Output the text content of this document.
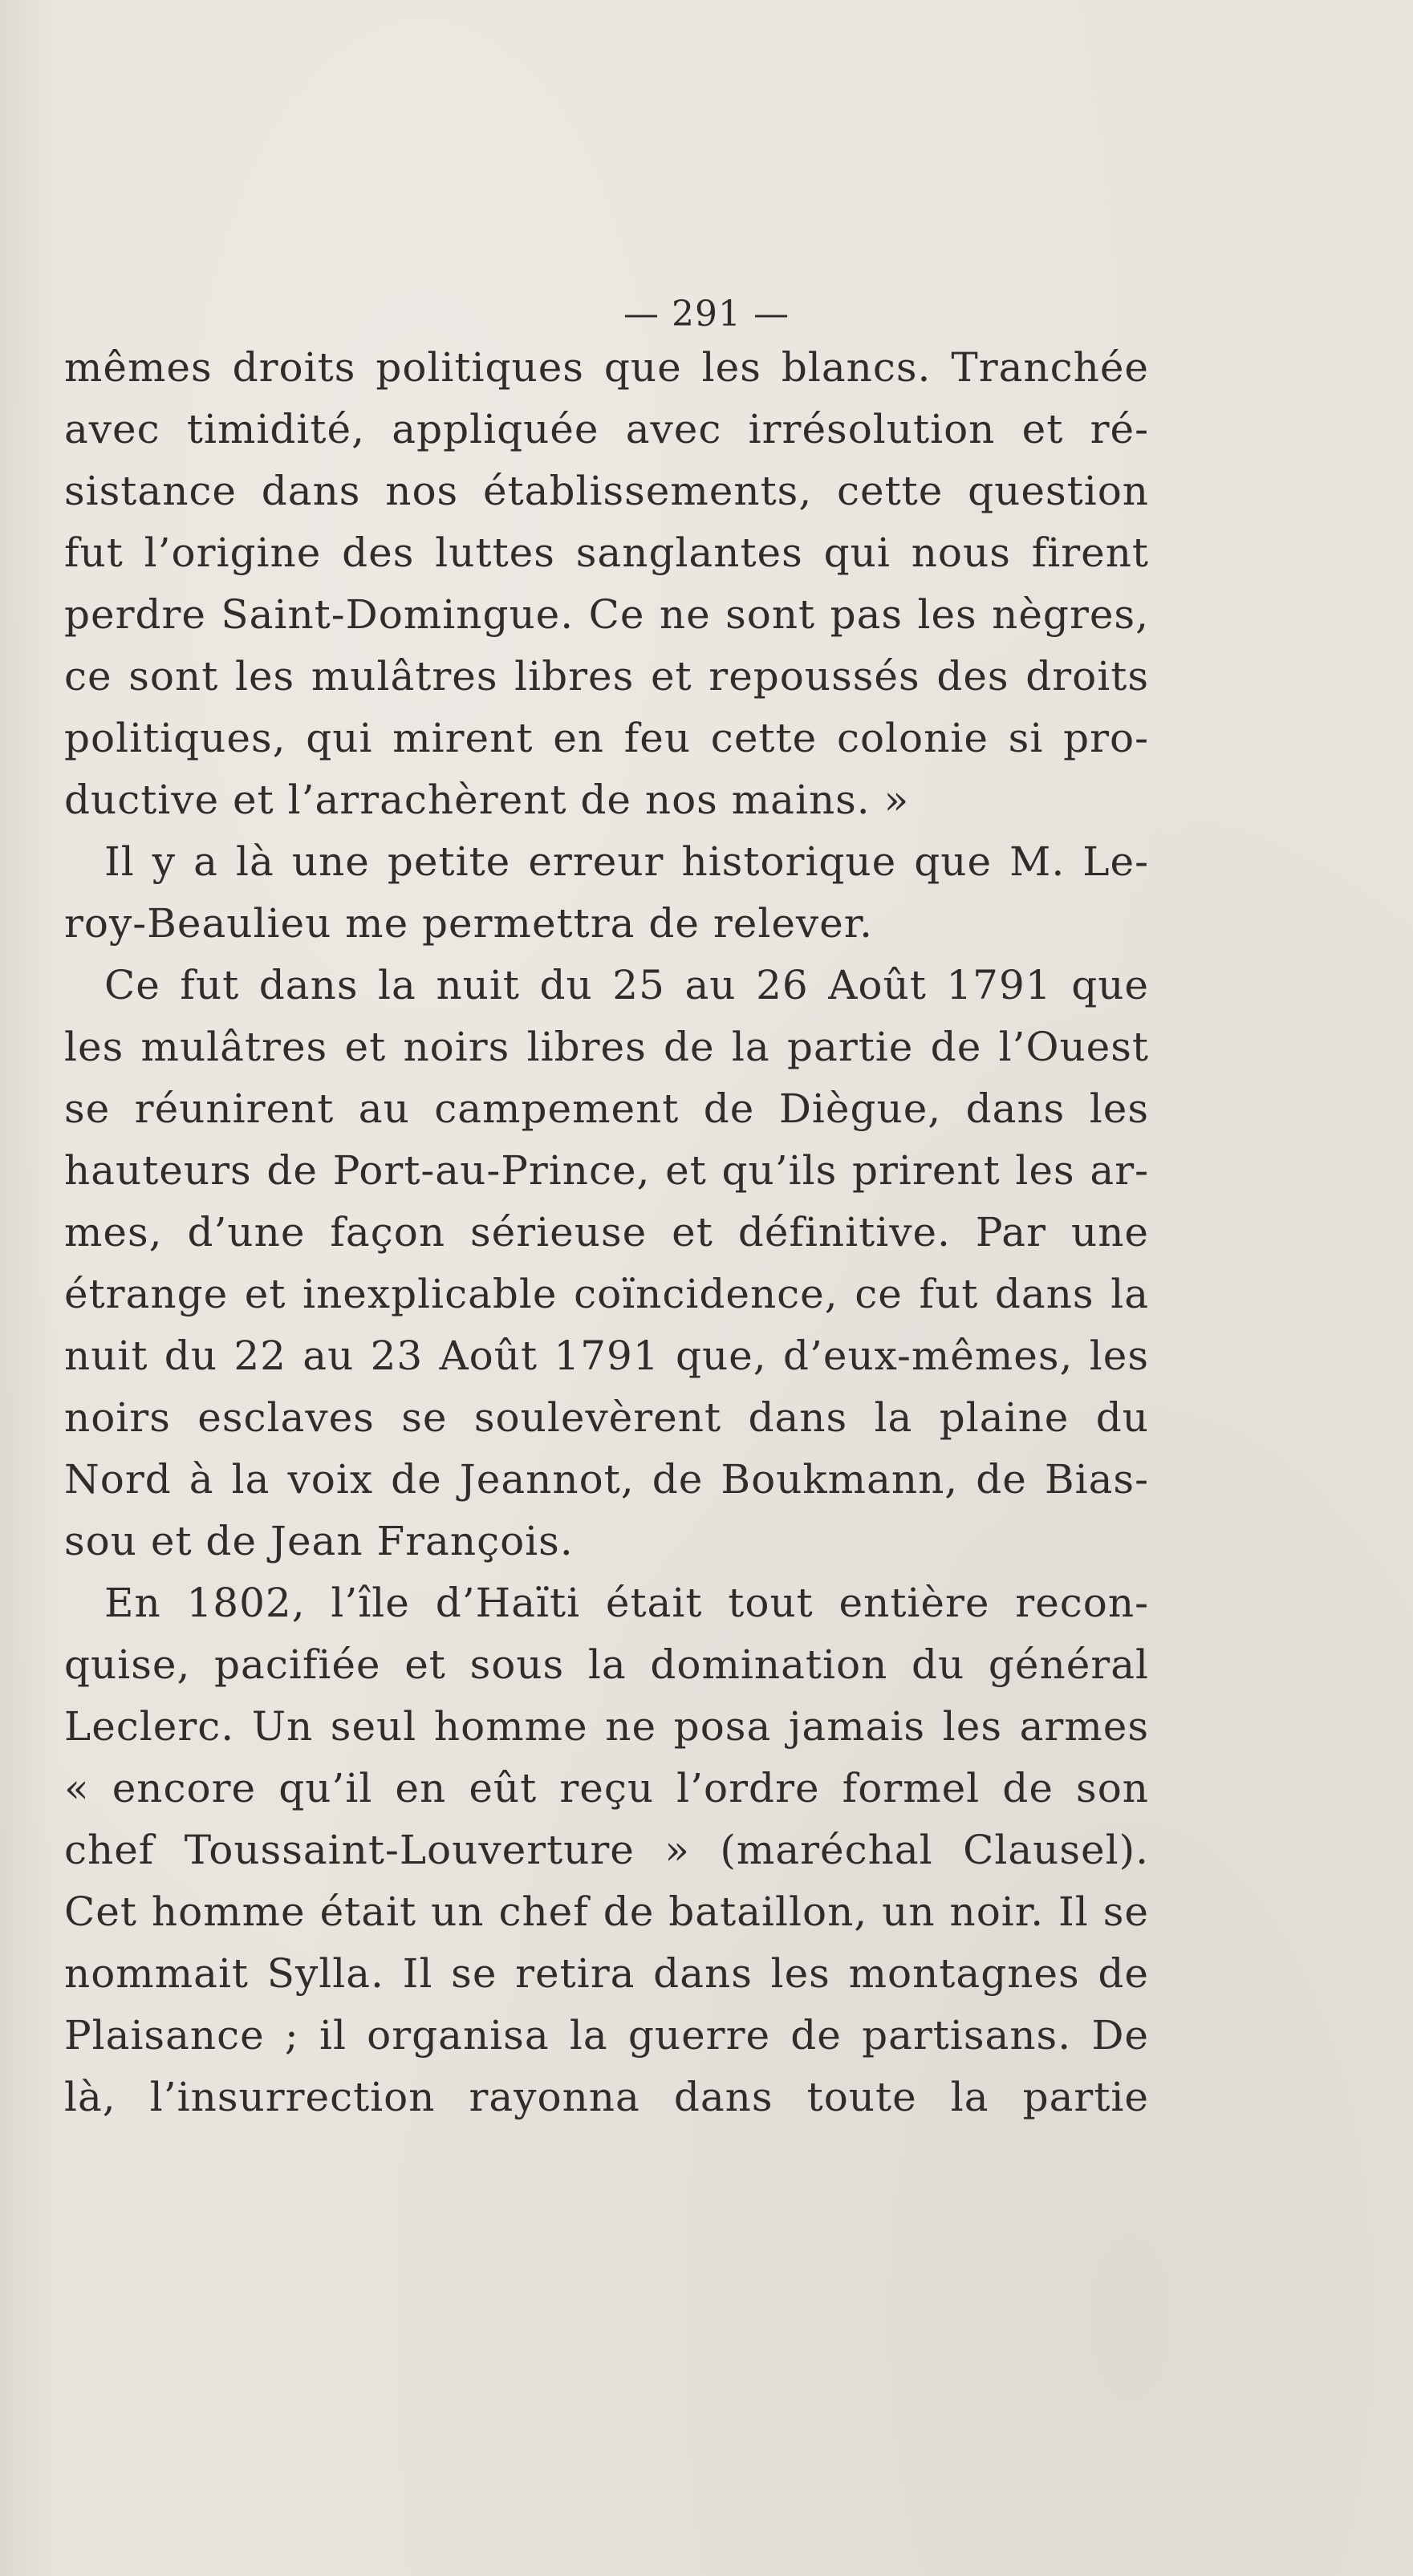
— 291 —
mêmes droits politiques que les blancs. Tranchée
avec timidité, appliquée avec irrésolution et ré-
sistance dans nos établissements, cette question
fut l’origine des luttes sanglantes qui nous firent
perdre Saint-Domingue. Ce ne sont pas les nègres,
ce sont les mulâtres libres et repoussés des droits
politiques, qui mirent en feu cette colonie si pro-
ductive et l’arrachèrent de nos mains. »
Il y a là une petite erreur historique que M. Le-
roy-Beaulieu me permettra de relever.
Ce fut dans la nuit du 25 au 26 Août 1791 que
les mulâtres et noirs libres de la partie de l’Ouest
se réunirent au campement de Diègue, dans les
hauteurs de Port-au-Prince, et qu’ils prirent les ar-
mes, d’une façon sérieuse et définitive. Par une
étrange et inexplicable coïncidence, ce fut dans la
nuit du 22 au 23 Août 1791 que, d’eux-mêmes, les
noirs esclaves se soulevèrent dans la plaine du
Nord à la voix de Jeannot, de Boukmann, de Bias-
sou et de Jean François.
En 1802, l’île d’Haïti était tout entière recon-
quise, pacifiée et sous la domination du général
Leclerc. Un seul homme ne posa jamais les armes
« encore qu’il en eût reçu l’ordre formel de son
chef Toussaint-Louverture » (maréchal Clausel).
Cet homme était un chef de bataillon, un noir. Il se
nommait Sylla. Il se retira dans les montagnes de
Plaisance ; il organisa la guerre de partisans. De
là, l’insurrection rayonna dans toute la partie
